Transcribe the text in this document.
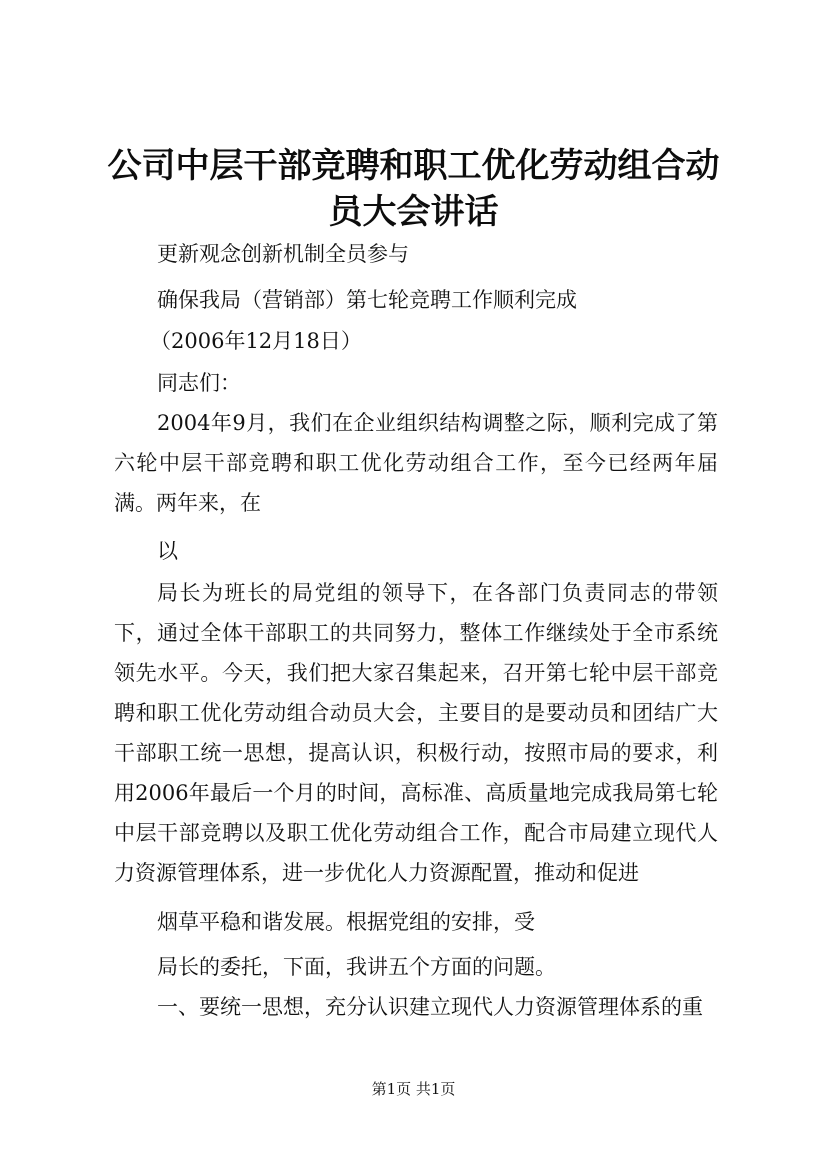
公司中层干部竞聘和职工优化劳动组合动员大会讲话
更新观念创新机制全员参与
确保我局（营销部）第七轮竞聘工作顺利完成
（2006年12月18日）
同志们：

2004年9月，我们在企业组织结构调整之际，顺利完成了第六轮中层干部竞聘和职工优化劳动组合工作，至今已经两年届满。两年来，在

以

局长为班长的局党组的领导下，在各部门负责同志的带领下，通过全体干部职工的共同努力，整体工作继续处于全市系统领先水平。今天，我们把大家召集起来，召开第七轮中层干部竞聘和职工优化劳动组合动员大会，主要目的是要动员和团结广大干部职工统一思想，提高认识，积极行动，按照市局的要求，利用2006年最后一个月的时间，高标准、高质量地完成我局第七轮中层干部竞聘以及职工优化劳动组合工作，配合市局建立现代人力资源管理体系，进一步优化人力资源配置，推动和促进

烟草平稳和谐发展。根据党组的安排，受
局长的委托，下面，我讲五个方面的问题。
一、要统一思想，充分认识建立现代人力资源管理体系的重
第1页 共1页
